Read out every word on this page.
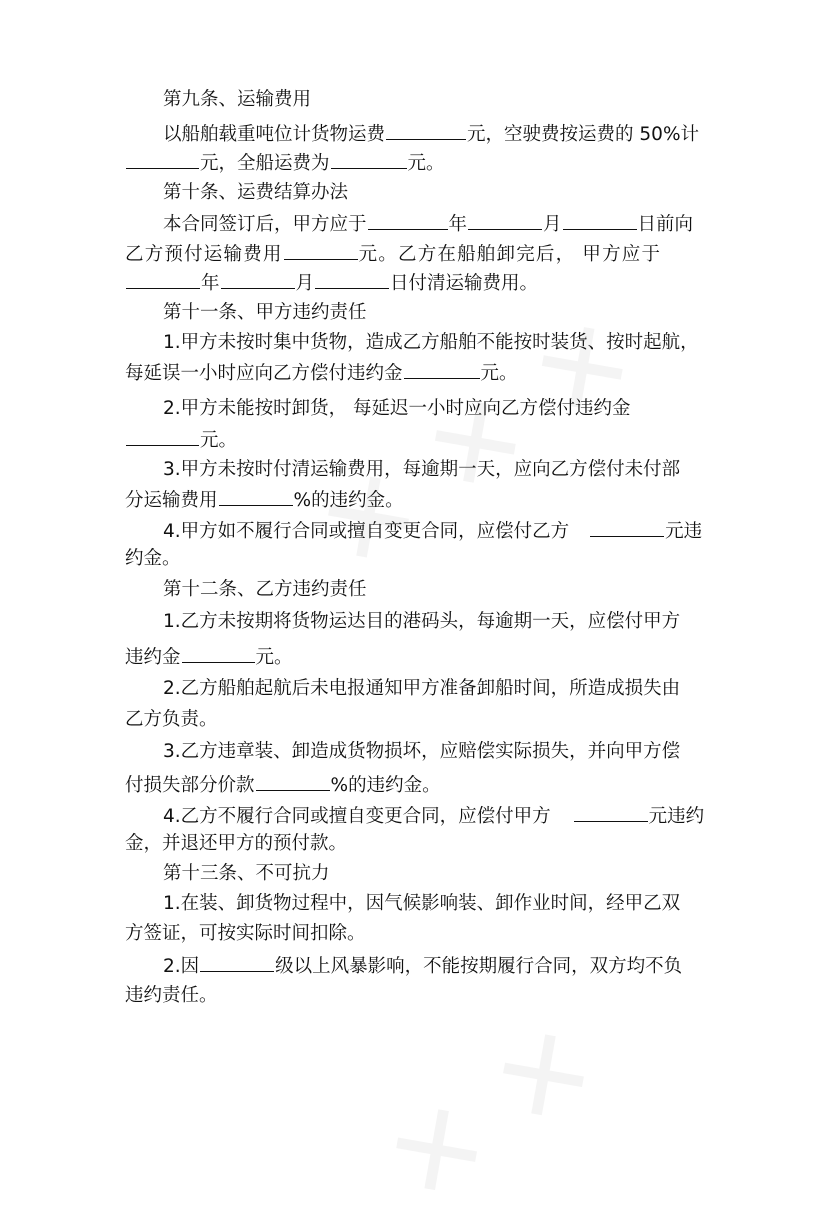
第九条、运输费用
以船舶载重吨位计货物运费	元，空驶费按运费的 50%计
元，全船运费为	元。
第十条、运费结算办法
本合同签订后，甲方应于	年	月	日前向
乙方预付运输费用	元。乙方在船舶卸完后， 甲方应于
年	月	日付清运输费用。
第十一条、甲方违约责任
1.甲方未按时集中货物，造成乙方船舶不能按时装货、按时起航，
每延误一小时应向乙方偿付违约金	元。
2.甲方未能按时卸货， 每延迟一小时应向乙方偿付违约金
元。
3.甲方未按时付清运输费用，每逾期一天，应向乙方偿付未付部
分运输费用	%的违约金。
4.甲方如不履行合同或擅自变更合同，应偿付乙方	元违
约金。
第十二条、乙方违约责任
1.乙方未按期将货物运达目的港码头，每逾期一天，应偿付甲方
违约金	元。
2.乙方船舶起航后未电报通知甲方准备卸船时间，所造成损失由
乙方负责。
3.乙方违章装、卸造成货物损坏，应赔偿实际损失，并向甲方偿
付损失部分价款	%的违约金。
4.乙方不履行合同或擅自变更合同，应偿付甲方	元违约
金，并退还甲方的预付款。
第十三条、不可抗力
1.在装、卸货物过程中，因气候影响装、卸作业时间，经甲乙双
方签证，可按实际时间扣除。
2.因	级以上风暴影响，不能按期履行合同，双方均不负
违约责任。
